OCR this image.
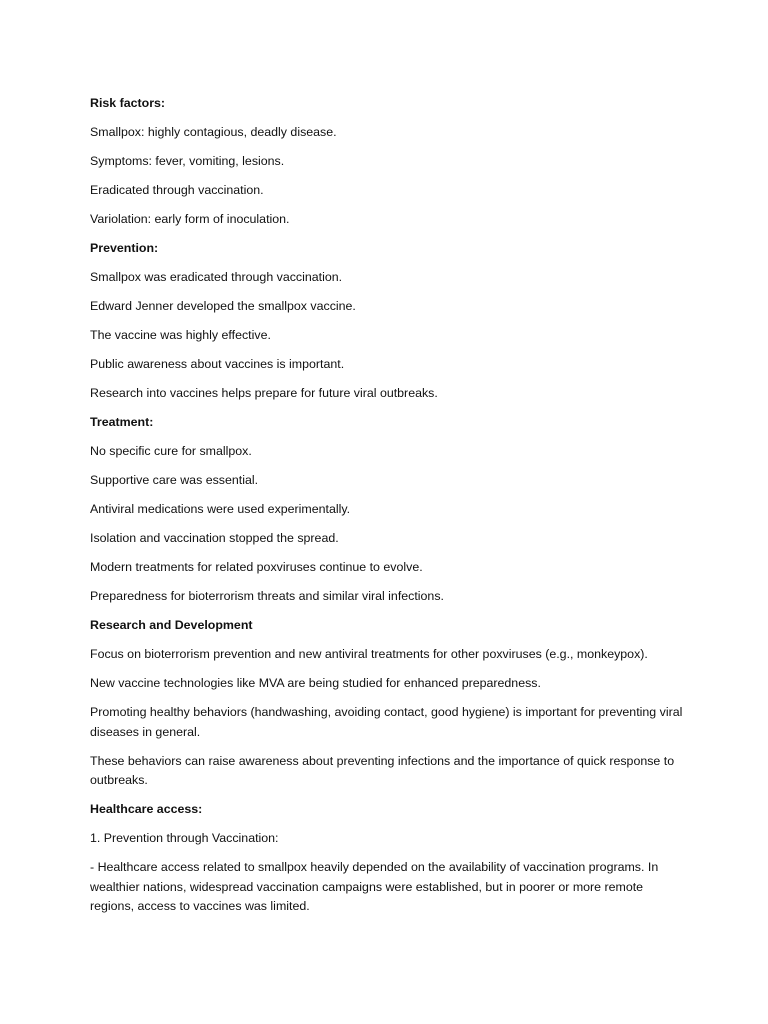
Risk factors:

Smallpox: highly contagious, deadly disease.

Symptoms: fever, vomiting, lesions.

Eradicated through vaccination.

Variolation: early form of inoculation.

Prevention:

Smallpox was eradicated through vaccination.

Edward Jenner developed the smallpox vaccine.

The vaccine was highly effective.

Public awareness about vaccines is important.

Research into vaccines helps prepare for future viral outbreaks.

Treatment:

No specific cure for smallpox.

Supportive care was essential.

Antiviral medications were used experimentally.

Isolation and vaccination stopped the spread.

Modern treatments for related poxviruses continue to evolve.

Preparedness for bioterrorism threats and similar viral infections.

Research and Development

Focus on bioterrorism prevention and new antiviral treatments for other poxviruses (e.g., monkeypox).

New vaccine technologies like MVA are being studied for enhanced preparedness.

Promoting healthy behaviors (handwashing, avoiding contact, good hygiene) is important for preventing viral diseases in general.

These behaviors can raise awareness about preventing infections and the importance of quick response to outbreaks.

Healthcare access:

1. Prevention through Vaccination:

- Healthcare access related to smallpox heavily depended on the availability of vaccination programs. In wealthier nations, widespread vaccination campaigns were established, but in poorer or more remote regions, access to vaccines was limited.
